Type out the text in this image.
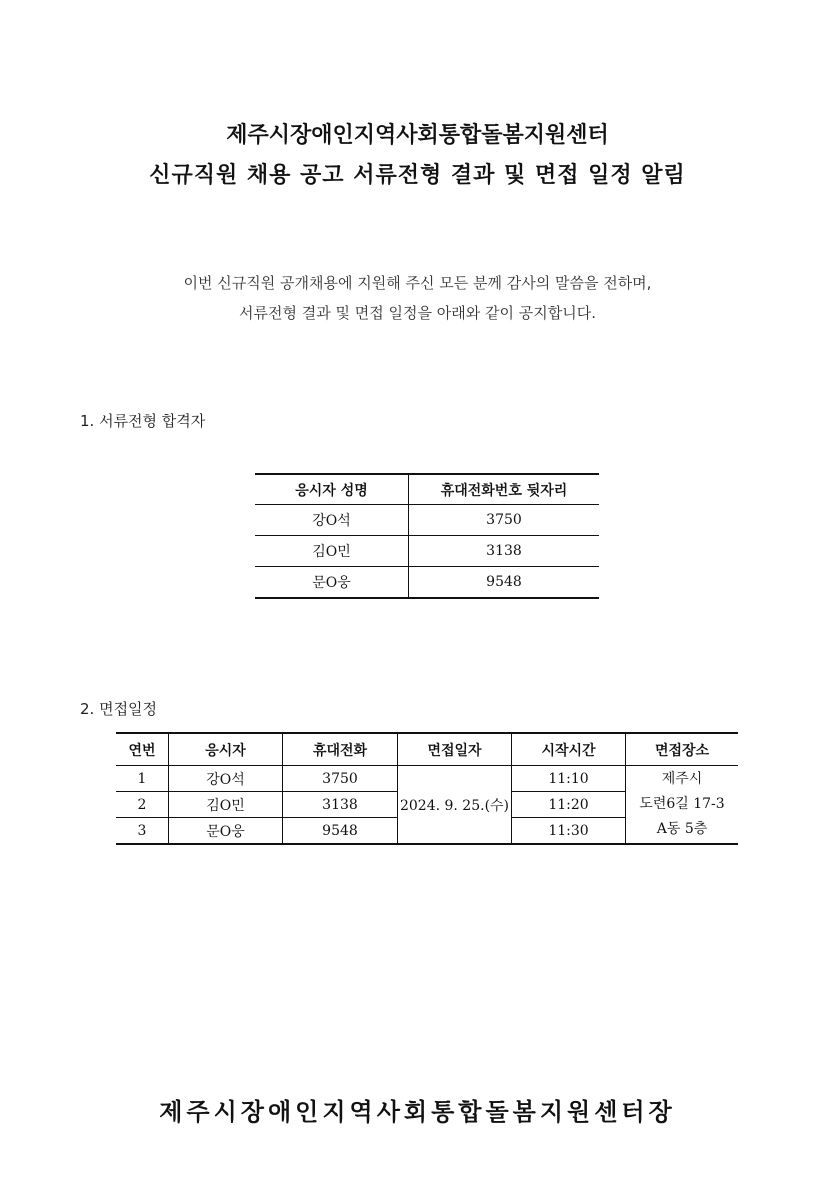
제주시장애인지역사회통합돌봄지원센터
신규직원 채용 공고 서류전형 결과 및 면접 일정 알림
이번 신규직원 공개채용에 지원해 주신 모든 분께 감사의 말씀을 전하며,
서류전형 결과 및 면접 일정을 아래와 같이 공지합니다.
1. 서류전형 합격자
응시자 성명	휴대전화번호 뒷자리
강O석	3750
김O민	3138
문O웅	9548
2. 면접일정
연번	응시자	휴대전화	면접일자	시작시간	면접장소
1	강O석	3750	2024. 9. 25.(수)	11:10	제주시
도련6길 17-3
A동 5층

2	김O민	3138		11:20	
3	문O웅	9548		11:30	
제주시장애인지역사회통합돌봄지원센터장
